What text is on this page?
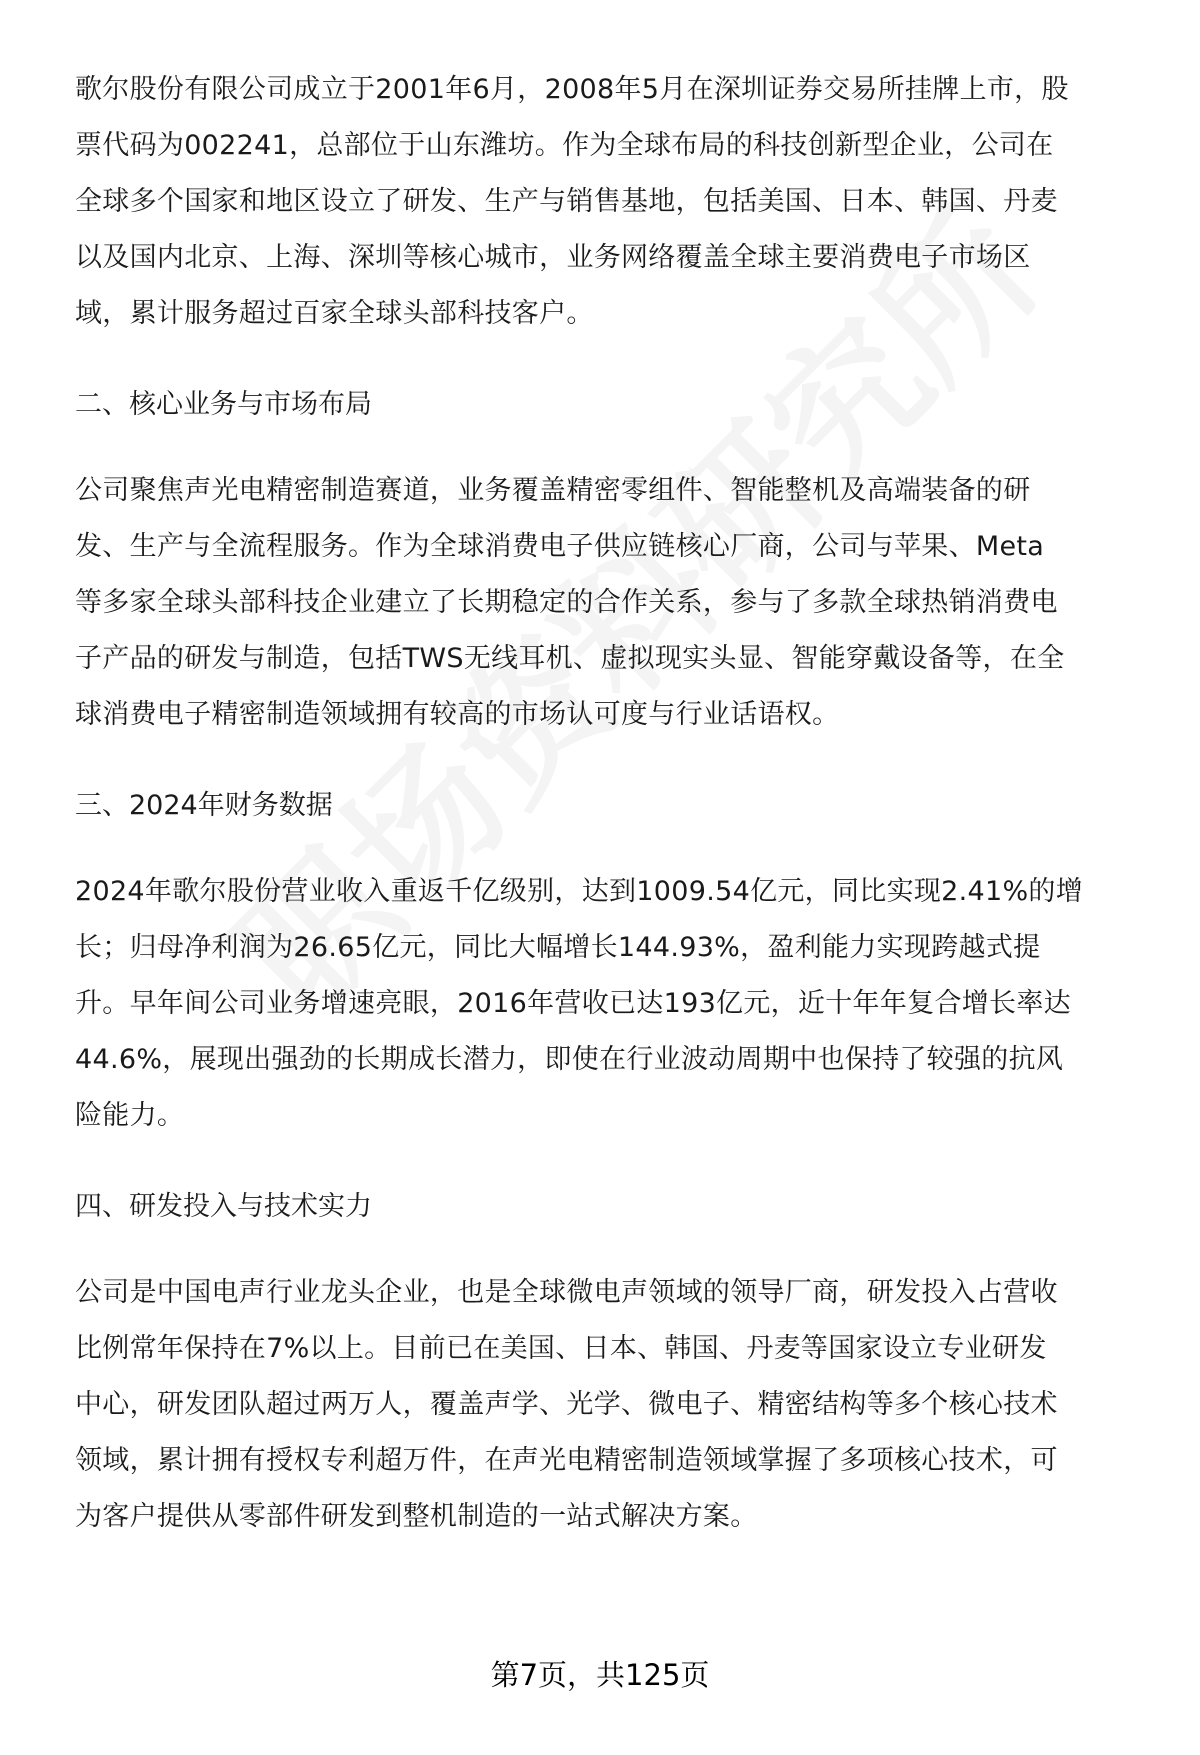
歌尔股份有限公司成立于2001年6月，2008年5月在深圳证券交易所挂牌上市，股
票代码为002241，总部位于山东潍坊。作为全球布局的科技创新型企业，公司在
全球多个国家和地区设立了研发、生产与销售基地，包括美国、日本、韩国、丹麦
以及国内北京、上海、深圳等核心城市，业务网络覆盖全球主要消费电子市场区
域，累计服务超过百家全球头部科技客户。
二、核心业务与市场布局
公司聚焦声光电精密制造赛道，业务覆盖精密零组件、智能整机及高端装备的研
发、生产与全流程服务。作为全球消费电子供应链核心厂商，公司与苹果、Meta
等多家全球头部科技企业建立了长期稳定的合作关系，参与了多款全球热销消费电
子产品的研发与制造，包括TWS无线耳机、虚拟现实头显、智能穿戴设备等，在全
球消费电子精密制造领域拥有较高的市场认可度与行业话语权。
三、2024年财务数据
2024年歌尔股份营业收入重返千亿级别，达到1009.54亿元，同比实现2.41%的增
长；归母净利润为26.65亿元，同比大幅增长144.93%，盈利能力实现跨越式提
升。早年间公司业务增速亮眼，2016年营收已达193亿元，近十年年复合增长率达
44.6%，展现出强劲的长期成长潜力，即使在行业波动周期中也保持了较强的抗风
险能力。
四、研发投入与技术实力
公司是中国电声行业龙头企业，也是全球微电声领域的领导厂商，研发投入占营收
比例常年保持在7%以上。目前已在美国、日本、韩国、丹麦等国家设立专业研发
中心，研发团队超过两万人，覆盖声学、光学、微电子、精密结构等多个核心技术
领域，累计拥有授权专利超万件，在声光电精密制造领域掌握了多项核心技术，可
为客户提供从零部件研发到整机制造的一站式解决方案。
第7页，共125页
